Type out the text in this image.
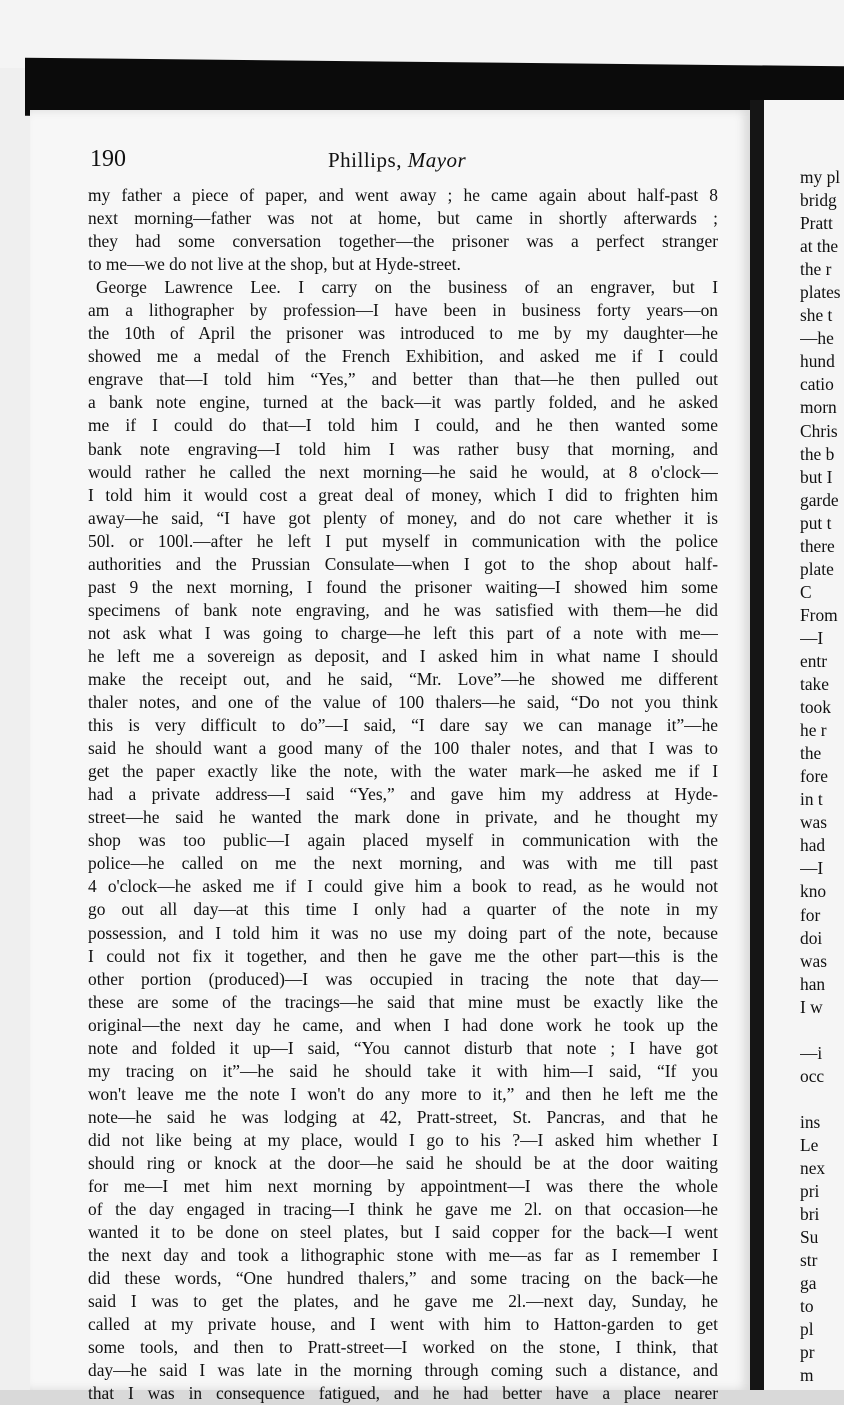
190	Phillips, Mayor
my father a piece of paper, and went away ; he came again about half-past 8
next morning—father was not at home, but came in shortly afterwards ;
they had some conversation together—the prisoner was a perfect stranger
to me—we do not live at the shop, but at Hyde-street.
George Lawrence Lee. I carry on the business of an engraver, but I
am a lithographer by profession—I have been in business forty years—on
the 10th of April the prisoner was introduced to me by my daughter—he
showed me a medal of the French Exhibition, and asked me if I could
engrave that—I told him “Yes,” and better than that—he then pulled out
a bank note engine, turned at the back—it was partly folded, and he asked
me if I could do that—I told him I could, and he then wanted some
bank note engraving—I told him I was rather busy that morning, and
would rather he called the next morning—he said he would, at 8 o'clock—
I told him it would cost a great deal of money, which I did to frighten him
away—he said, “I have got plenty of money, and do not care whether it is
50l. or 100l.—after he left I put myself in communication with the police
authorities and the Prussian Consulate—when I got to the shop about half-
past 9 the next morning, I found the prisoner waiting—I showed him some
specimens of bank note engraving, and he was satisfied with them—he did
not ask what I was going to charge—he left this part of a note with me—
he left me a sovereign as deposit, and I asked him in what name I should
make the receipt out, and he said, “Mr. Love”—he showed me different
thaler notes, and one of the value of 100 thalers—he said, “Do not you think
this is very difficult to do”—I said, “I dare say we can manage it”—he
said he should want a good many of the 100 thaler notes, and that I was to
get the paper exactly like the note, with the water mark—he asked me if I
had a private address—I said “Yes,” and gave him my address at Hyde-
street—he said he wanted the mark done in private, and he thought my
shop was too public—I again placed myself in communication with the
police—he called on me the next morning, and was with me till past
4 o'clock—he asked me if I could give him a book to read, as he would not
go out all day—at this time I only had a quarter of the note in my
possession, and I told him it was no use my doing part of the note, because
I could not fix it together, and then he gave me the other part—this is the
other portion (produced)—I was occupied in tracing the note that day—
these are some of the tracings—he said that mine must be exactly like the
original—the next day he came, and when I had done work he took up the
note and folded it up—I said, “You cannot disturb that note ; I have got
my tracing on it”—he said he should take it with him—I said, “If you
won't leave me the note I won't do any more to it,” and then he left me the
note—he said he was lodging at 42, Pratt-street, St. Pancras, and that he
did not like being at my place, would I go to his ?—I asked him whether I
should ring or knock at the door—he said he should be at the door waiting
for me—I met him next morning by appointment—I was there the whole
of the day engaged in tracing—I think he gave me 2l. on that occasion—he
wanted it to be done on steel plates, but I said copper for the back—I went
the next day and took a lithographic stone with me—as far as I remember I
did these words, “One hundred thalers,” and some tracing on the back—he
said I was to get the plates, and he gave me 2l.—next day, Sunday, he
called at my private house, and I went with him to Hatton-garden to get
some tools, and then to Pratt-street—I worked on the stone, I think, that
day—he said I was late in the morning through coming such a distance, and
that I was in consequence fatigued, and he had better have a place nearer
my pl
bridg
Pratt
at the
the r
plates
she t
—he
hund
catio
morn
Chris
the b
but I
garde
put t
there
plate
C
From
—I
entr
take
took
he r
the
fore
in t
was
had
—I
kno
for
doi
was
han
I w
—i
occ
ins
Le
nex
pri
bri
Su
str
ga
to
pl
pr
m
